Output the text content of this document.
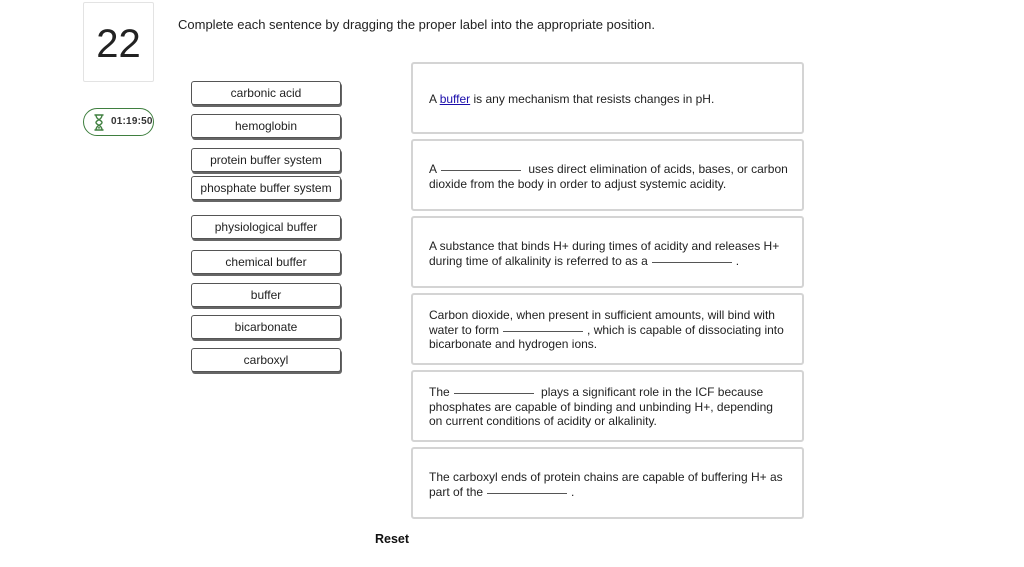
22
01:19:50
Complete each sentence by dragging the proper label into the appropriate position.
carbonic acid
hemoglobin
protein buffer system
phosphate buffer system
physiological buffer
chemical buffer
buffer
bicarbonate
carboxyl
A buffer is any mechanism that resists changes in pH.
A	uses direct elimination of acids, bases, or carbon dioxide from the body in order to adjust systemic acidity.
A substance that binds H+ during times of acidity and releases H+ during time of alkalinity is referred to as a	.
Carbon dioxide, when present in sufficient amounts, will bind with water to form	, which is capable of dissociating into bicarbonate and hydrogen ions.
The	plays a significant role in the ICF because phosphates are capable of binding and unbinding H+, depending on current conditions of acidity or alkalinity.
The carboxyl ends of protein chains are capable of buffering H+ as part of the	.
Reset
